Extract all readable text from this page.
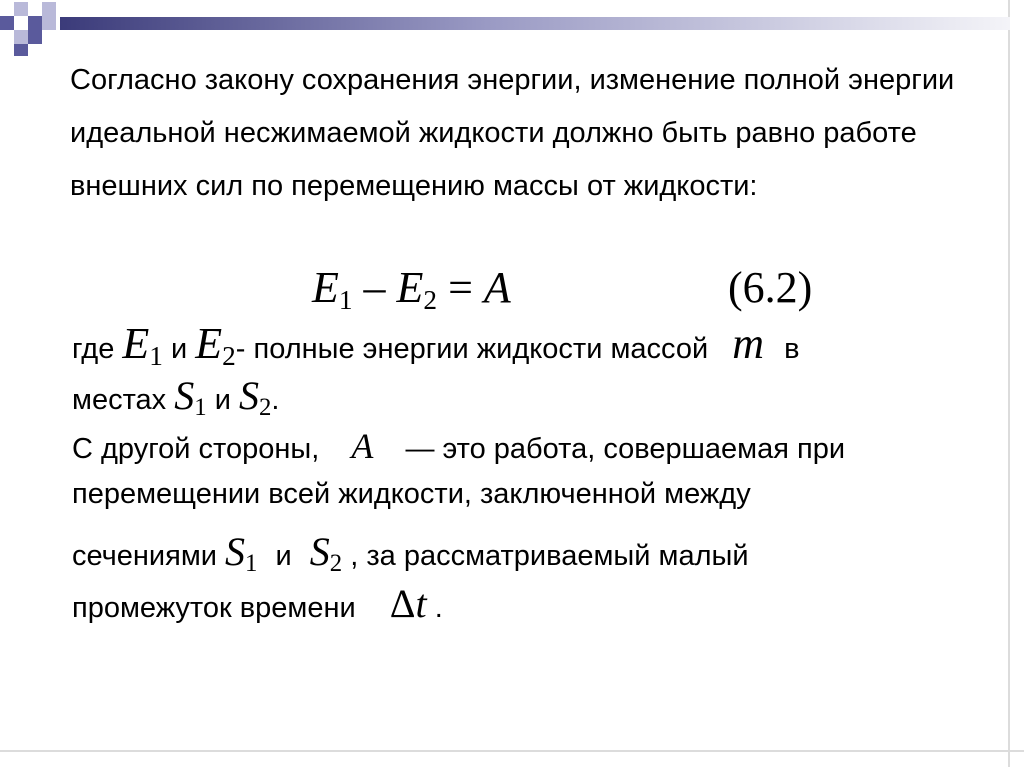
Согласно закону сохранения энергии, изменение полной энергии идеальной несжимаемой жидкости должно быть равно работе внешних сил по перемещению массы от жидкости:

$E_1 - E_2 = A$	(6.2)
где $E_1$ и $E_2-$ полные энергии жидкости массой m в
местах $S_1$ и $S_2$.
С другой стороны, A — это работа, совершаемая при
перемещении всей жидкости, заключенной между
сечениями $S_1$ и $S_2$ , за рассматриваемый малый
промежуток времени Δt .
